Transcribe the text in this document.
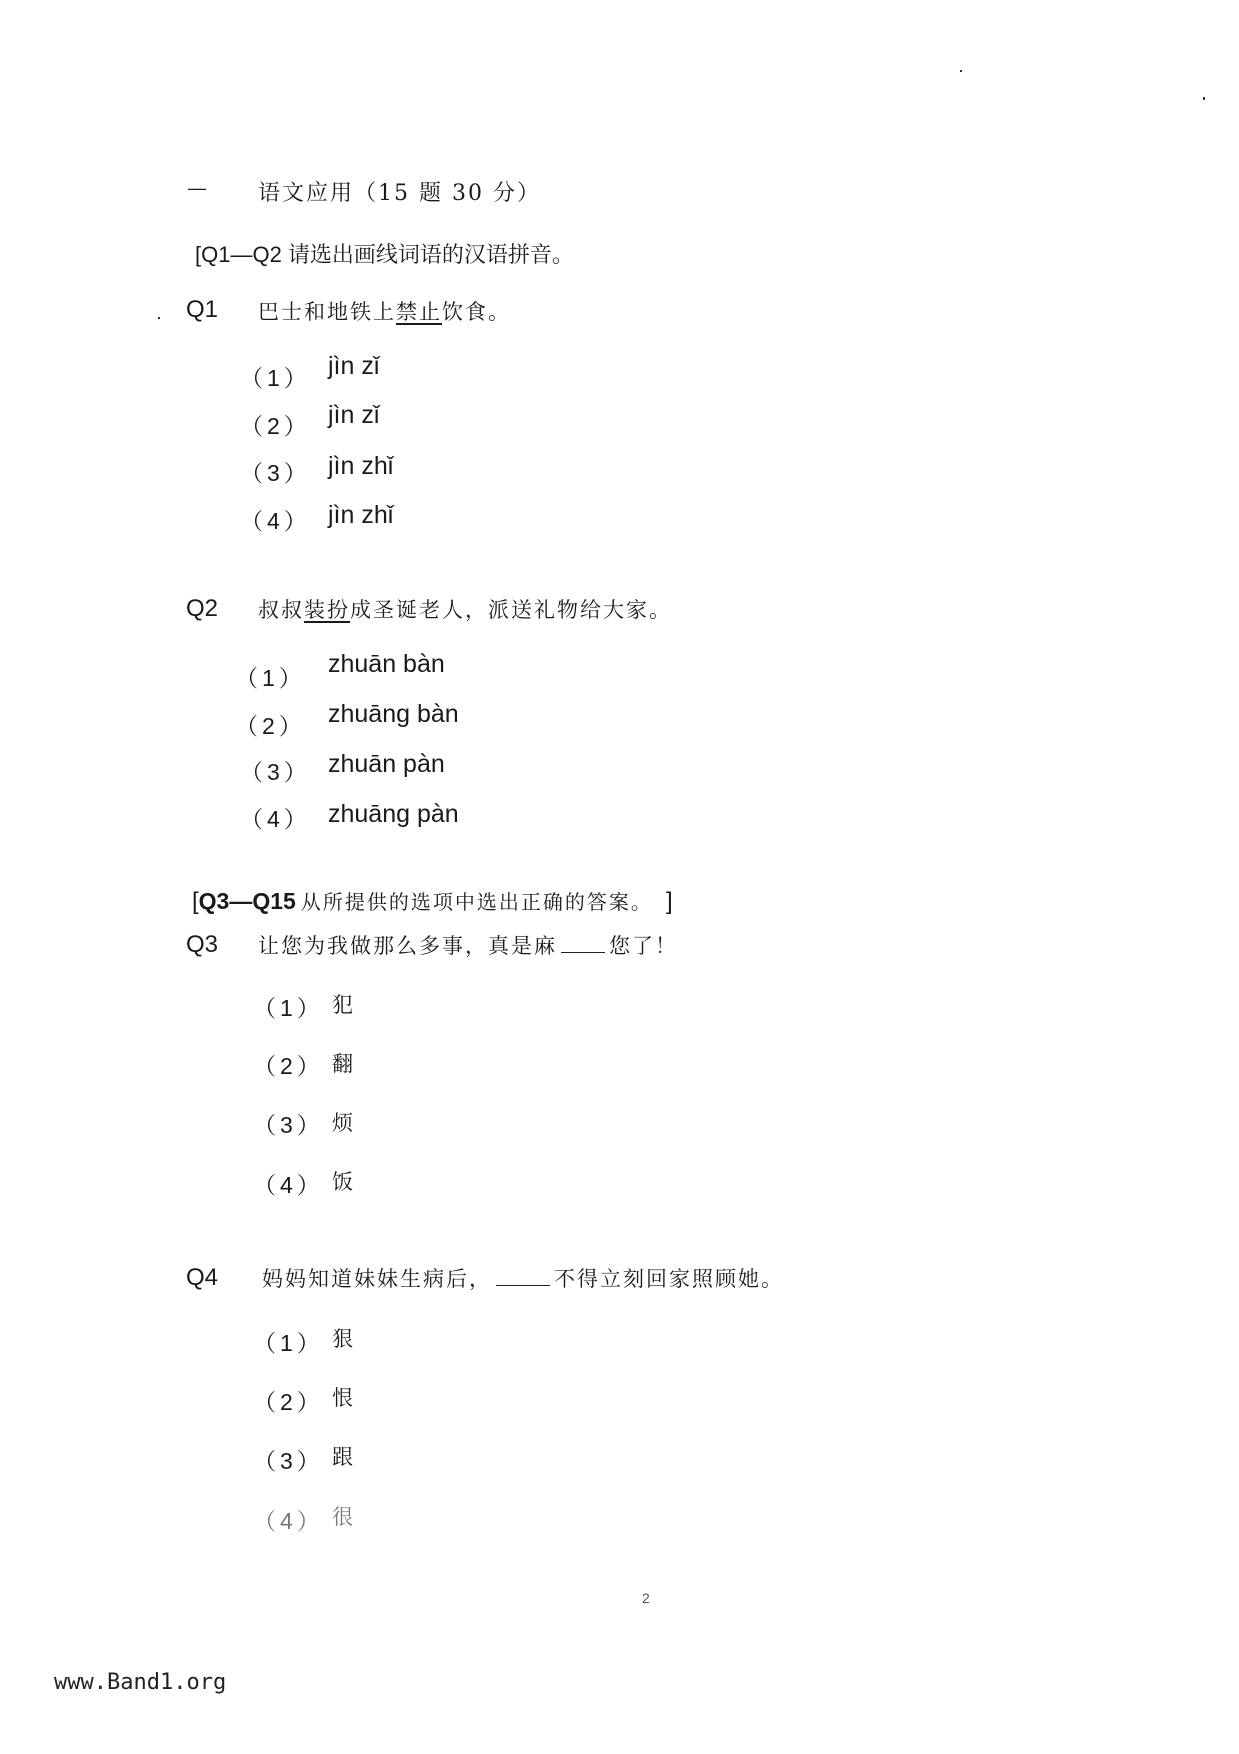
— 语文应用（15 题 30 分）
[Q1—Q2 请选出画线词语的汉语拼音。
Q1 巴士和地铁上禁止饮食。
（1） jìn zǐ
（2） jìn zǐ
（3） jìn zhǐ
（4） jìn zhǐ
Q2 叔叔装扮成圣诞老人，派送礼物给大家。
（1） zhuān bàn
（2） zhuāng bàn
（3） zhuān pàn
（4） zhuāng pàn
[Q3—Q15 从所提供的选项中选出正确的答案。 ]
Q3 让您为我做那么多事，真是麻 您了！
（1） 犯
（2） 翻
（3） 烦
（4） 饭
Q4 妈妈知道妹妹生病后，	不得立刻回家照顾她。
（1） 狠
（2） 恨
（3） 跟
（4） 很
2
www.Band1.org
